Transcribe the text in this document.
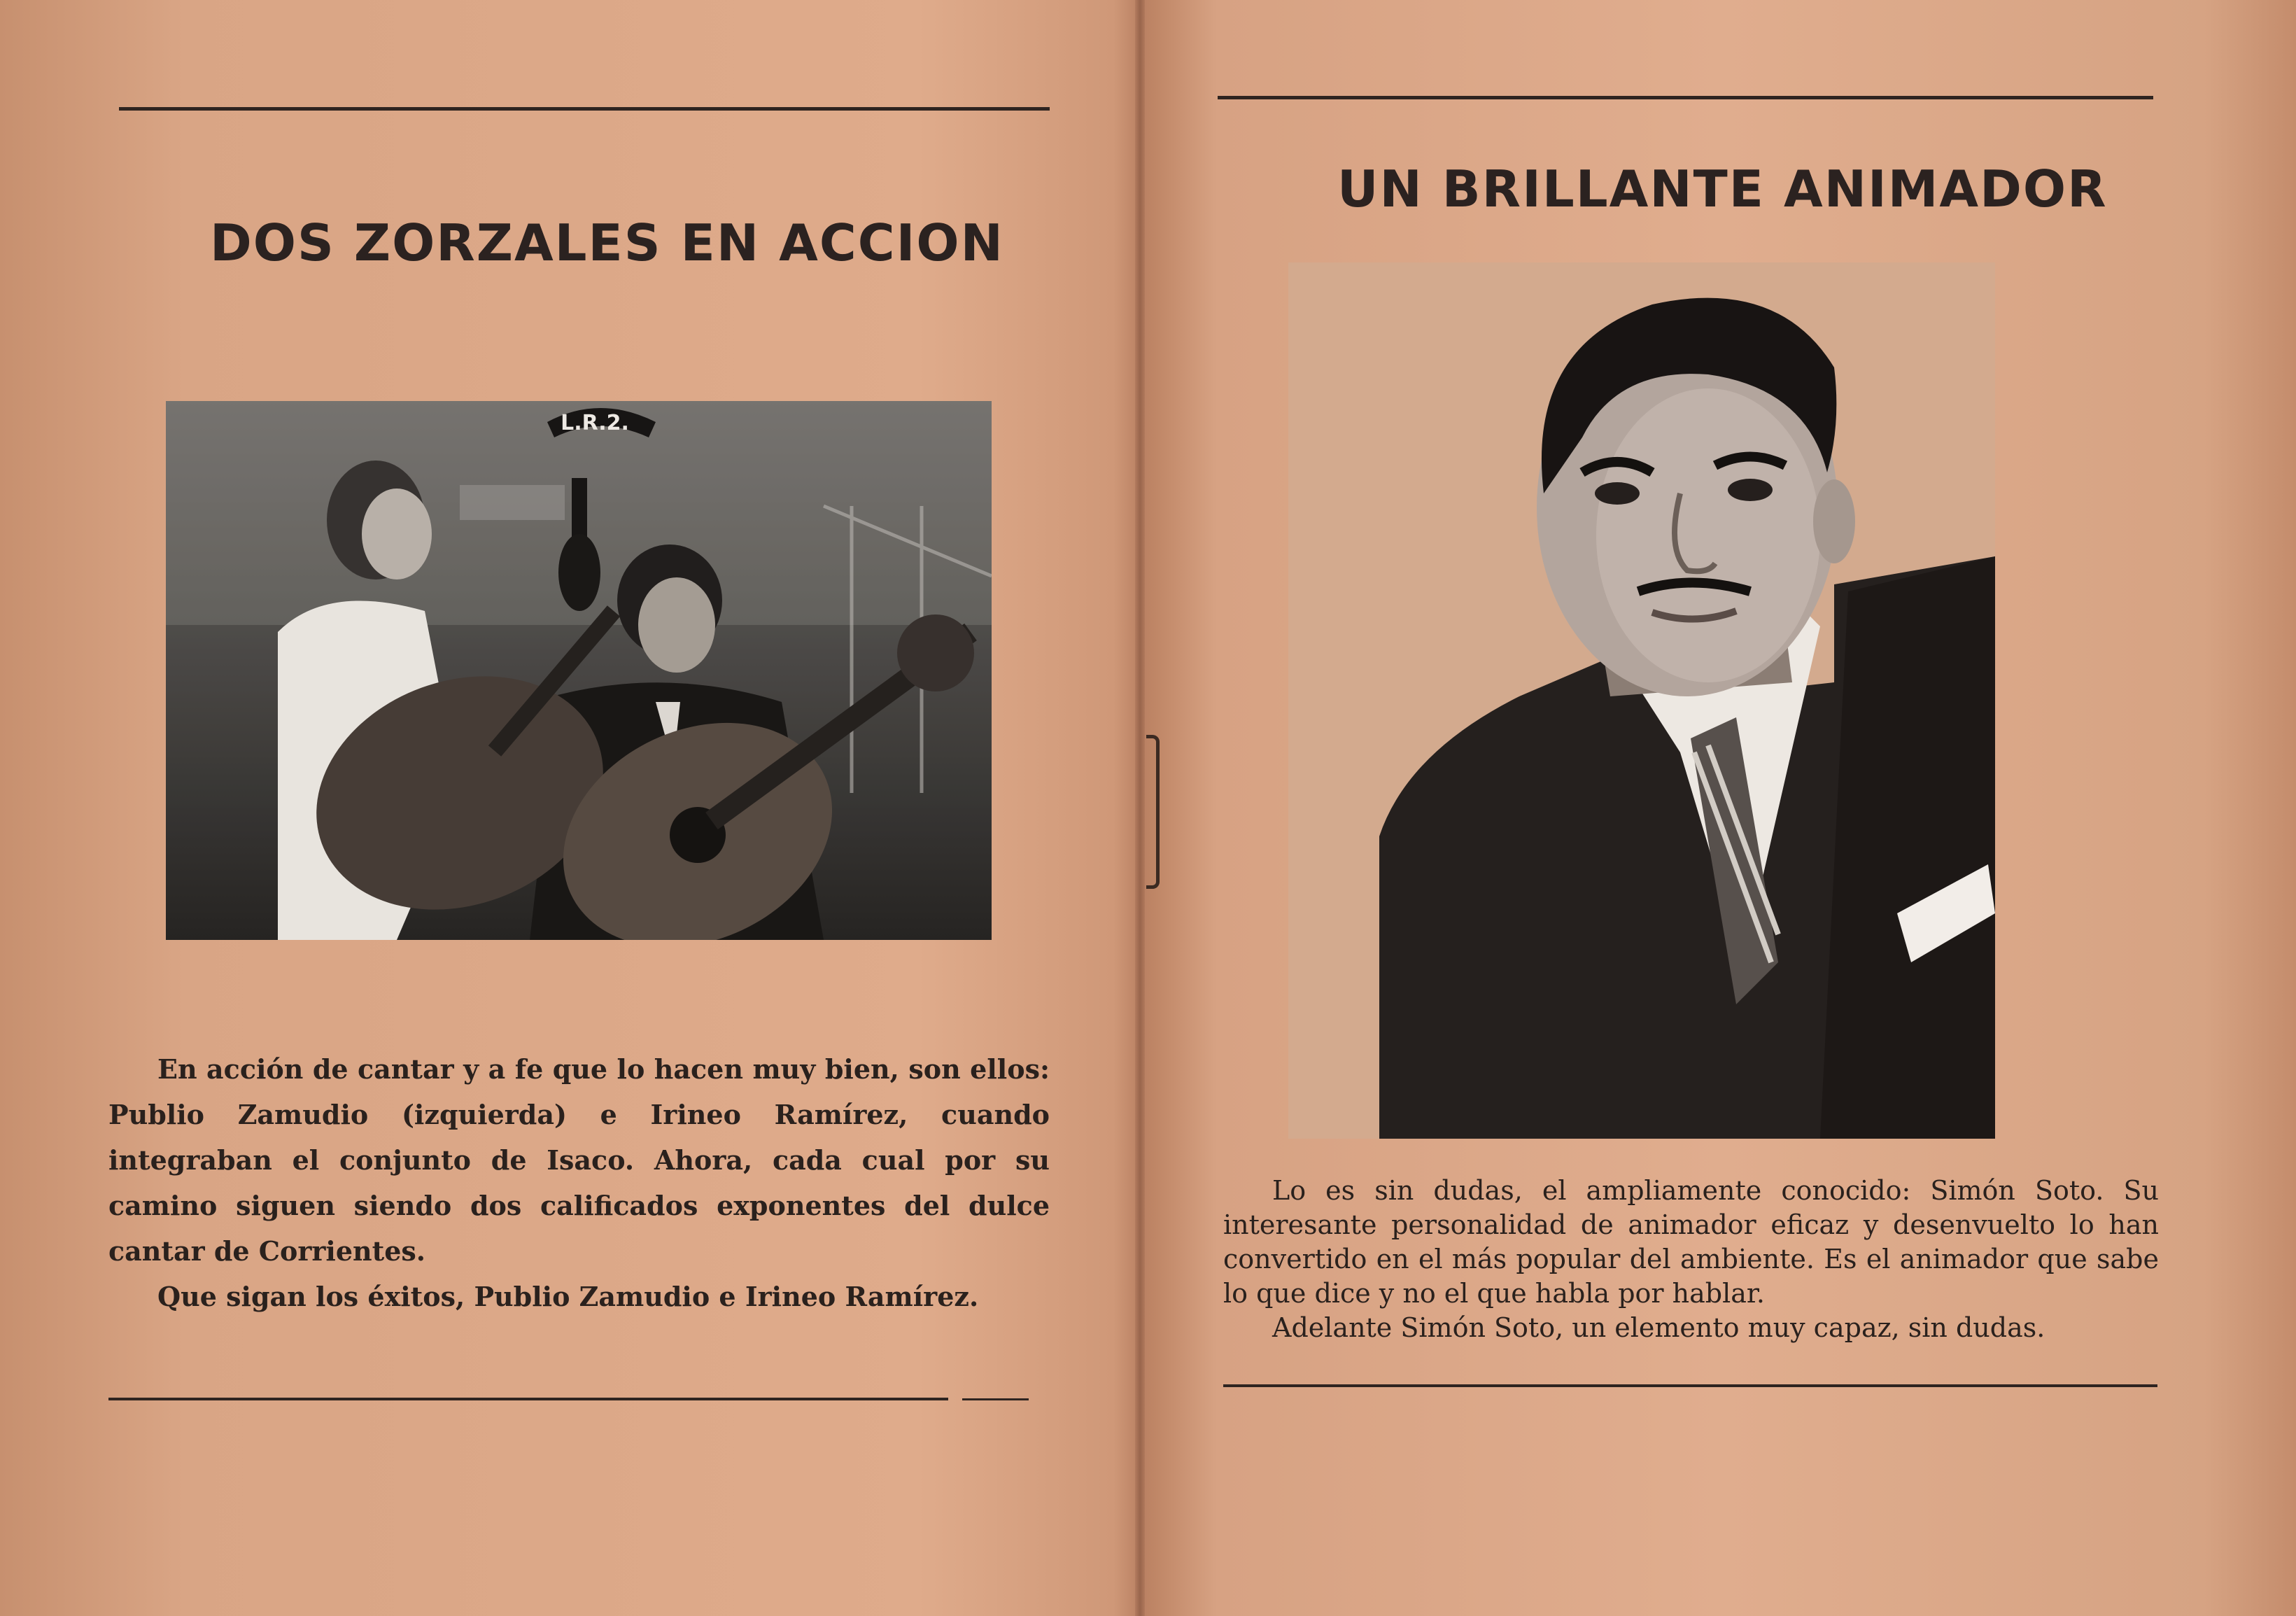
DOS ZORZALES EN ACCION
L.R.2.

En acción de cantar y a fe que lo hacen muy bien, son ellos: Publio Zamudio (izquierda) e Irineo Ramírez, cuando integraban el conjunto de Isaco. Ahora, cada cual por su camino siguen siendo dos calificados exponentes del dulce cantar de Corrientes.

Que sigan los éxitos, Publio Zamudio e Irineo Ramírez.

UN BRILLANTE ANIMADOR

Lo es sin dudas, el ampliamente conocido: Simón Soto. Su interesante personalidad de animador eficaz y desenvuelto lo han convertido en el más popular del ambiente. Es el animador que sabe lo que dice y no el que habla por hablar.

Adelante Simón Soto, un elemento muy capaz, sin dudas.
